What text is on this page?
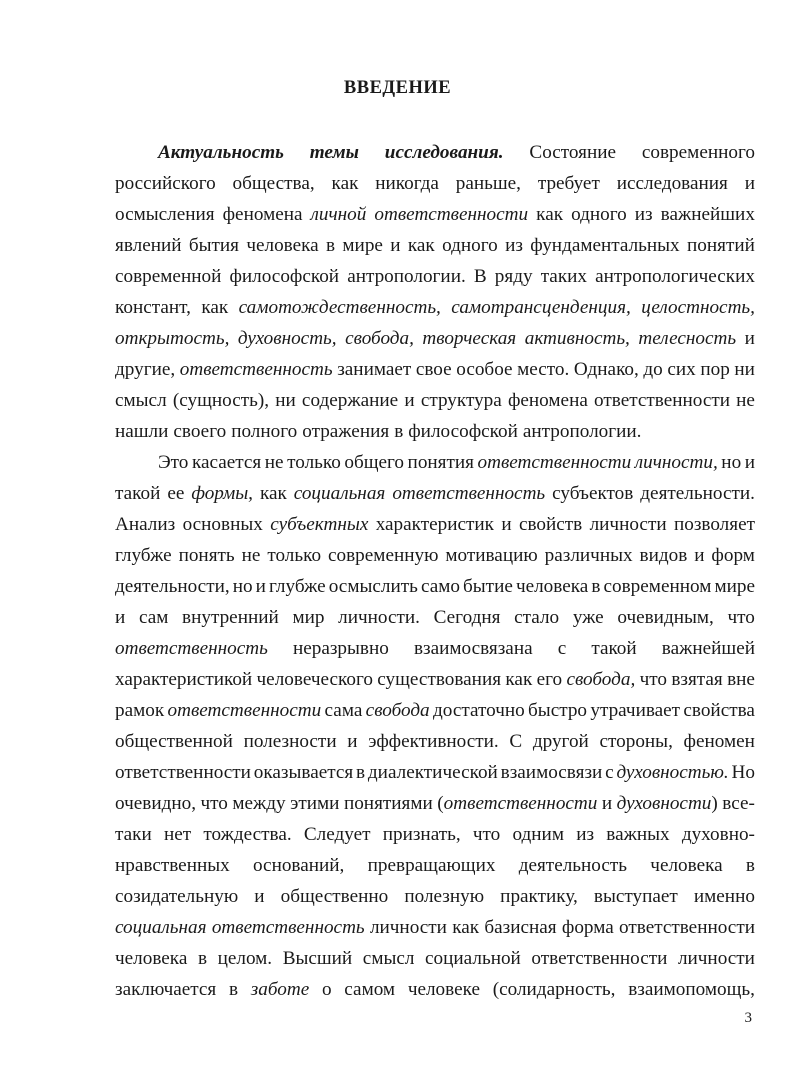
ВВЕДЕНИЕ
Актуальность темы исследования. Состояние современного
российского общества, как никогда раньше, требует исследования и
осмысления феномена личной ответственности как одного из важнейших
явлений бытия человека в мире и как одного из фундаментальных понятий
современной философской антропологии. В ряду таких антропологических
констант, как самотождественность, самотрансценденция, целостность,
открытость, духовность, свобода, творческая активность, телесность и
другие, ответственность занимает свое особое место. Однако, до сих пор ни
смысл (сущность), ни содержание и структура феномена ответственности не
нашли своего полного отражения в философской антропологии.
Это касается не только общего понятия ответственности личности, но и
такой ее формы, как социальная ответственность субъектов деятельности.
Анализ основных субъектных характеристик и свойств личности позволяет
глубже понять не только современную мотивацию различных видов и форм
деятельности, но и глубже осмыслить само бытие человека в современном мире
и сам внутренний мир личности. Сегодня стало уже очевидным, что
ответственность неразрывно взаимосвязана с такой важнейшей
характеристикой человеческого существования как его свобода, что взятая вне
рамок ответственности сама свобода достаточно быстро утрачивает свойства
общественной полезности и эффективности. С другой стороны, феномен
ответственности оказывается в диалектической взаимосвязи с духовностью. Но
очевидно, что между этими понятиями (ответственности и духовности) все-
таки нет тождества. Следует признать, что одним из важных духовно-
нравственных оснований, превращающих деятельность человека в
созидательную и общественно полезную практику, выступает именно
социальная ответственность личности как базисная форма ответственности
человека в целом. Высший смысл социальной ответственности личности
заключается в заботе о самом человеке (солидарность, взаимопомощь,
3
